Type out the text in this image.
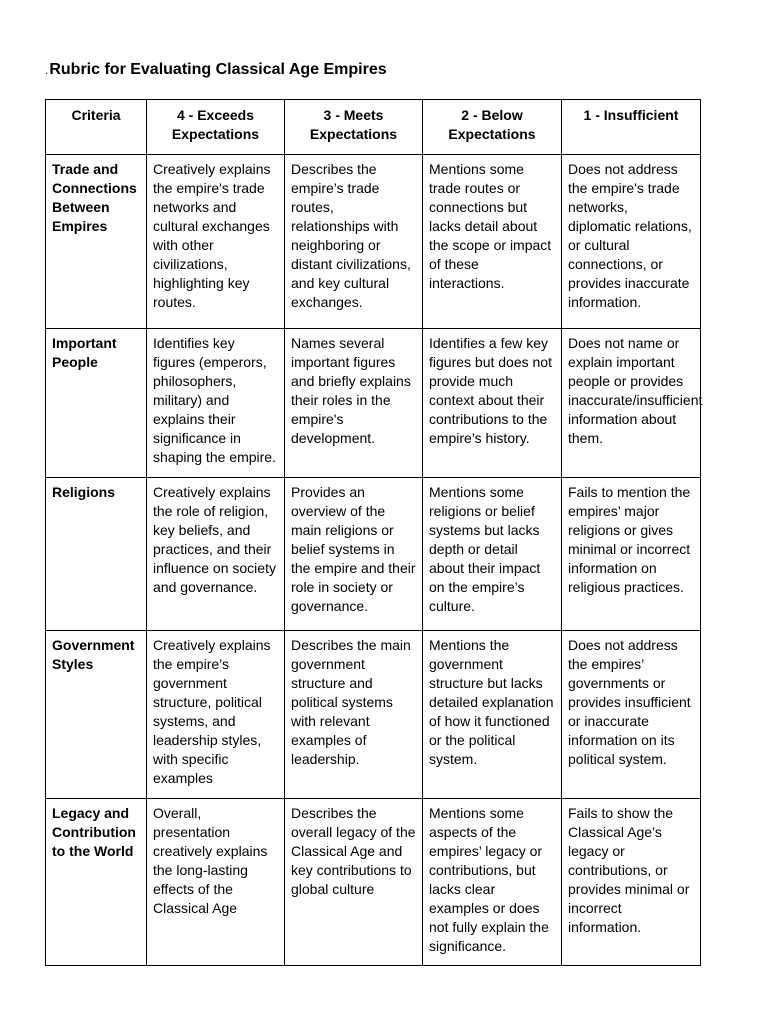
.Rubric for Evaluating Classical Age Empires
Criteria	4 - Exceeds Expectations	3 - Meets Expectations	2 - Below Expectations	1 - Insufficient
Trade and Connections Between Empires	Creatively explains the empire's trade networks and cultural exchanges with other civilizations, highlighting key routes.	Describes the empire’s trade routes, relationships with neighboring or distant civilizations, and key cultural exchanges.	Mentions some trade routes or connections but lacks detail about the scope or impact of these interactions.	Does not address the empire's trade networks, diplomatic relations, or cultural connections, or provides inaccurate information.
Important People	Identifies key figures (emperors, philosophers, military) and explains their significance in shaping the empire.	Names several important figures and briefly explains their roles in the empire's development.	Identifies a few key figures but does not provide much context about their contributions to the empire’s history.	Does not name or explain important people or provides inaccurate/insufficient information about them.
Religions	Creatively explains the role of religion, key beliefs, and practices, and their influence on society and governance.	Provides an overview of the main religions or belief systems in the empire and their role in society or governance.	Mentions some religions or belief systems but lacks depth or detail about their impact on the empire’s culture.	Fails to mention the empires’ major religions or gives minimal or incorrect information on religious practices.
Government Styles	Creatively explains the empire’s government structure, political systems, and leadership styles, with specific examples	Describes the main government structure and political systems with relevant examples of leadership.	Mentions the government structure but lacks detailed explanation of how it functioned or the political system.	Does not address the empires’ governments or provides insufficient or inaccurate information on its political system.
Legacy and Contribution to the World	Overall, presentation creatively explains the long-lasting effects of the Classical Age	Describes the overall legacy of the Classical Age and key contributions to global culture	Mentions some aspects of the empires’ legacy or contributions, but lacks clear examples or does not fully explain the significance.	Fails to show the Classical Age’s legacy or contributions, or provides minimal or incorrect information.
